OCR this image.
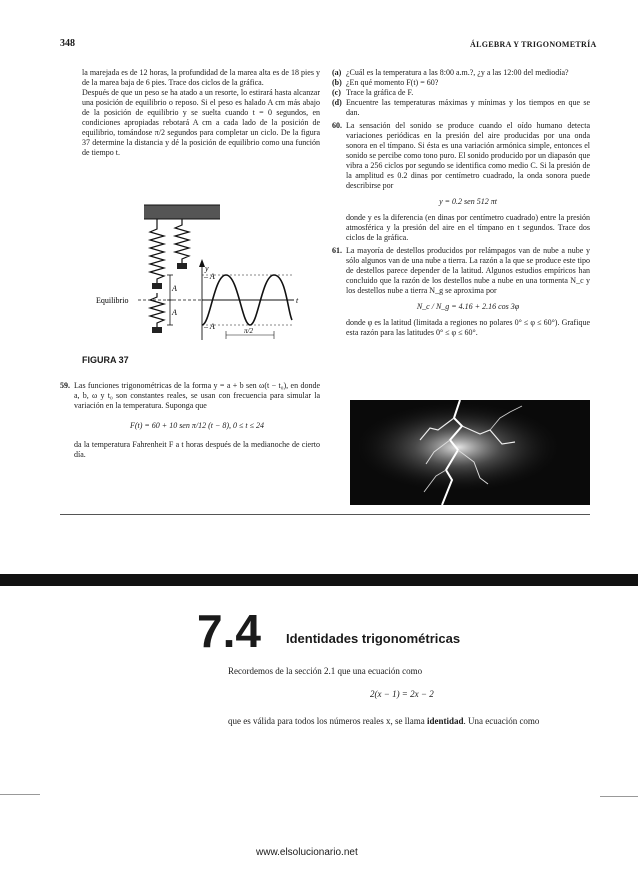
348	ÁLGEBRA Y TRIGONOMETRÍA

la marejada es de 12 horas, la profundidad de la marea alta es de 18 pies y de la marea baja de 6 pies. Trace dos ciclos de la gráfica.

Después de que un peso se ha atado a un resorte, lo estirará hasta alcanzar una posición de equilibrio o reposo. Si el peso es halado A cm más abajo de la posición de equilibrio y se suelta cuando t = 0 segundos, en condiciones apropiadas rebotará A cm a cada lado de la posición de equilibrio, tomándose π/2 segundos para completar un ciclo. De la figura 37 determine la distancia y dé la posición de equilibrio como una función de tiempo t.

y
t
A
A
– A
– A	π/2
Equilibrio
FIGURA 37
59. Las funciones trigonométricas de la forma y = a + b sen ω(t − t₀), en donde a, b, ω y t₀ son constantes reales, se usan con frecuencia para simular la variación en la temperatura. Suponga que

F(t) = 60 + 10 sen π/12 (t − 8), 0 ≤ t ≤ 24

da la temperatura Fahrenheit F a t horas después de la medianoche de cierto día.

(a) ¿Cuál es la temperatura a las 8:00 a.m.?, ¿y a las 12:00 del mediodía?

(b) ¿En qué momento F(t) = 60?

(c) Trace la gráfica de F.

(d) Encuentre las temperaturas máximas y mínimas y los tiempos en que se dan.

60. La sensación del sonido se produce cuando el oído humano detecta variaciones periódicas en la presión del aire producidas por una onda sonora en el tímpano. Si ésta es una variación armónica simple, entonces el sonido se percibe como tono puro. El sonido producido por un diapasón que vibra a 256 ciclos por segundo se identifica como medio C. Si la presión de la amplitud es 0.2 dinas por centímetro cuadrado, la onda sonora puede describirse por

y = 0.2 sen 512 πt

donde y es la diferencia (en dinas por centímetro cuadrado) entre la presión atmosférica y la presión del aire en el tímpano en t segundos. Trace dos ciclos de la gráfica.

61. La mayoría de destellos producidos por relámpagos van de nube a nube y sólo algunos van de una nube a tierra. La razón a la que se produce este tipo de destellos parece depender de la latitud. Algunos estudios empíricos han concluido que la razón de los destellos nube a nube en una tormenta N_c y los destellos nube a tierra N_g se aproxima por

N_c / N_g = 4.16 + 2.16 cos 3φ

donde φ es la latitud (limitada a regiones no polares 0° ≤ φ ≤ 60°). Grafique esta razón para las latitudes 0° ≤ φ ≤ 60°.

7.4 Identidades trigonométricas
Recordemos de la sección 2.1 que una ecuación como
2(x − 1) = 2x − 2
que es válida para todos los números reales x, se llama identidad. Una ecuación como
www.elsolucionario.net
